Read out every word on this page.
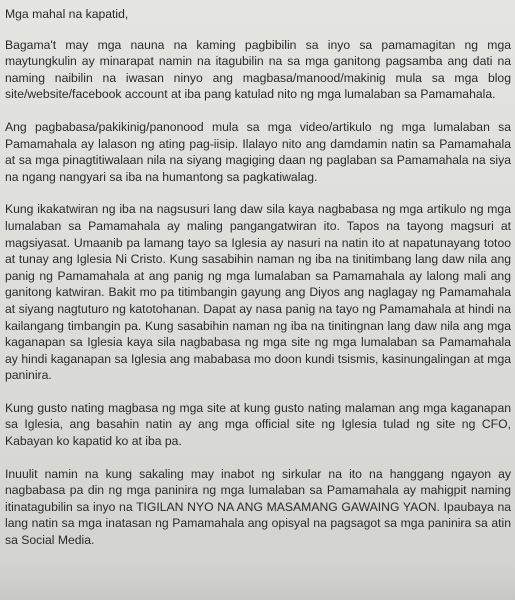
Mga mahal na kapatid,

Bagama't may mga nauna na kaming pagbibilin sa inyo sa pamamagitan ng mga maytungkulin ay minarapat namin na itagubilin na sa mga ganitong pagsamba ang dati na naming naibilin na iwasan ninyo ang magbasa/manood/makinig mula sa mga blog site/website/facebook account at iba pang katulad nito ng mga lumalaban sa Pamamahala.

Ang pagbabasa/pakikinig/panonood mula sa mga video/artikulo ng mga lumalaban sa Pamamahala ay lalason ng ating pag-iisip. Ilalayo nito ang damdamin natin sa Pamamahala at sa mga pinagtitiwalaan nila na siyang magiging daan ng paglaban sa Pamamahala na siya na ngang nangyari sa iba na humantong sa pagkatiwalag.

Kung ikakatwiran ng iba na nagsusuri lang daw sila kaya nagbabasa ng mga artikulo ng mga lumalaban sa Pamamahala ay maling pangangatwiran ito. Tapos na tayong magsuri at magsiyasat. Umaanib pa lamang tayo sa Iglesia ay nasuri na natin ito at napatunayang totoo at tunay ang Iglesia Ni Cristo. Kung sasabihin naman ng iba na tinitimbang lang daw nila ang panig ng Pamamahala at ang panig ng mga lumalaban sa Pamamahala ay lalong mali ang ganitong katwiran. Bakit mo pa titimbangin gayung ang Diyos ang naglagay ng Pamamahala at siyang nagtuturo ng katotohanan. Dapat ay nasa panig na tayo ng Pamamahala at hindi na kailangang timbangin pa. Kung sasabihin naman ng iba na tinitingnan lang daw nila ang mga kaganapan sa Iglesia kaya sila nagbabasa ng mga site ng mga lumalaban sa Pamamahala ay hindi kaganapan sa Iglesia ang mababasa mo doon kundi tsismis, kasinungalingan at mga paninira.

Kung gusto nating magbasa ng mga site at kung gusto nating malaman ang mga kaganapan sa Iglesia, ang basahin natin ay ang mga official site ng Iglesia tulad ng site ng CFO, Kabayan ko kapatid ko at iba pa.

Inuulit namin na kung sakaling may inabot ng sirkular na ito na hanggang ngayon ay nagbabasa pa din ng mga paninira ng mga lumalaban sa Pamamahala ay mahigpit naming itinatagubilin sa inyo na TIGILAN NYO NA ANG MASAMANG GAWAING YAON. Ipaubaya na lang natin sa mga inatasan ng Pamamahala ang opisyal na pagsagot sa mga paninira sa atin sa Social Media.
